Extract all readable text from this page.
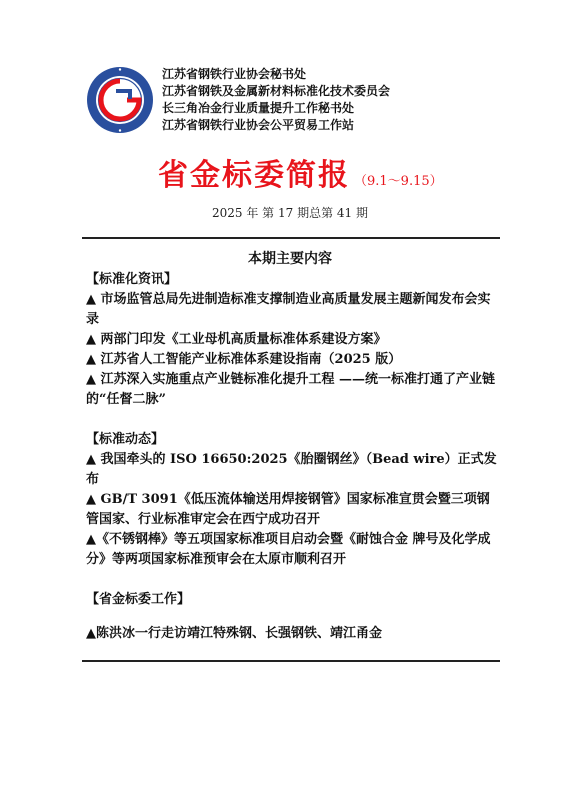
江苏省钢铁行业协会秘书处
江苏省钢铁及金属新材料标准化技术委员会
长三角冶金行业质量提升工作秘书处
江苏省钢铁行业协会公平贸易工作站
省金标委简报 （9.1～9.15）
2025 年 第 17 期总第 41 期
本期主要内容

【标准化资讯】

▲ 市场监管总局先进制造标准支撑制造业高质量发展主题新闻发布会实录

▲ 两部门印发《工业母机高质量标准体系建设方案》

▲ 江苏省人工智能产业标准体系建设指南（2025 版）

▲ 江苏深入实施重点产业链标准化提升工程 ——统一标准打通了产业链的“任督二脉”

【标准动态】

▲ 我国牵头的 ISO 16650:2025《胎圈钢丝》（Bead wire）正式发布

▲ GB/T 3091《低压流体输送用焊接钢管》国家标准宣贯会暨三项钢管国家、行业标准审定会在西宁成功召开

▲《不锈钢棒》等五项国家标准项目启动会暨《耐蚀合金 牌号及化学成分》等两项国家标准预审会在太原市顺利召开

【省金标委工作】

▲陈洪冰一行走访靖江特殊钢、长强钢铁、靖江甬金
